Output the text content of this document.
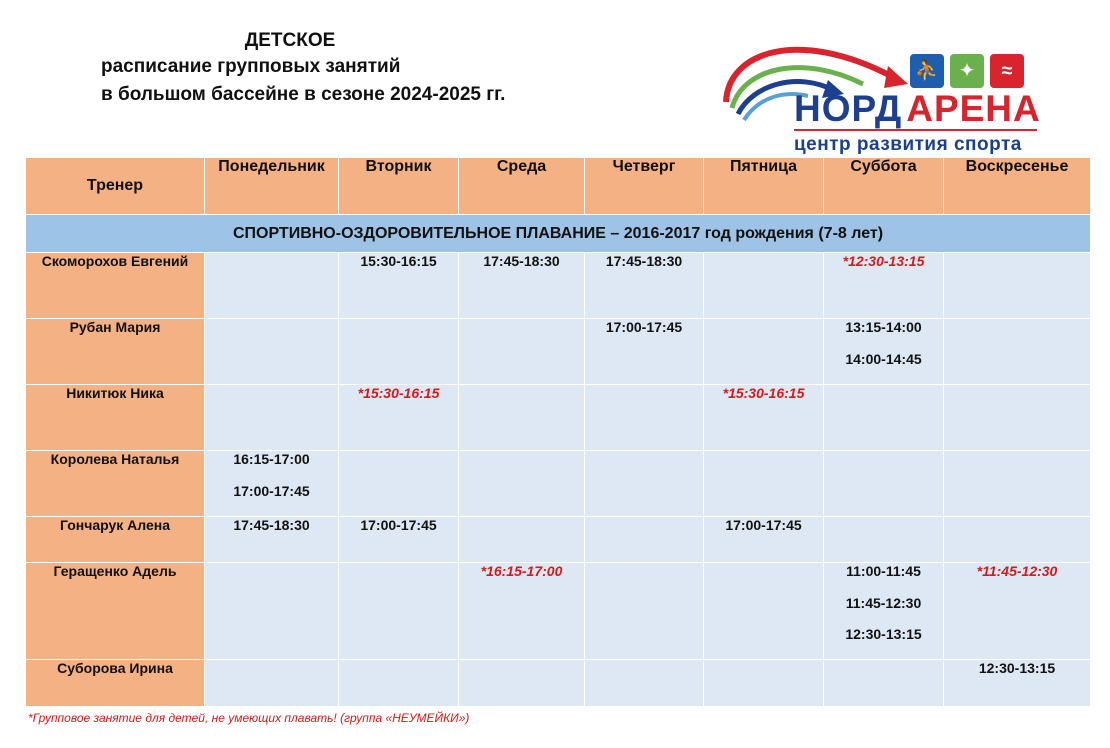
ДЕТСКОЕ
расписание групповых занятий
в большом бассейне в сезоне 2024-2025 гг.
⛹ ✦	≈
НОРД АРЕНА
центр развития спорта
Тренер	Понедельник	Вторник	Среда	Четверг	Пятница	Суббота	Воскресенье
СПОРТИВНО-ОЗДОРОВИТЕЛЬНОЕ ПЛАВАНИЕ – 2016-2017 год рождения (7-8 лет)							
Скоморохов Евгений		15:30-16:15	17:45-18:30	17:45-18:30		*12:30-13:15	

Рубан Мария				17:00-17:45		13:15-14:00
14:00-14:45	

Никитюк Ника		*15:30-16:15			*15:30-16:15		

Королева Наталья	16:15-17:00
17:00-17:45						

Гончарук Алена	17:45-18:30	17:00-17:45			17:00-17:45		

Геращенко Адель			*16:15-17:00			11:00-11:45
11:45-12:30
12:30-13:15	*11:45-12:30

Суборова Ирина							12:30-13:15
*Групповое занятие для детей, не умеющих плавать! (группа «НЕУМЕЙКИ»)
